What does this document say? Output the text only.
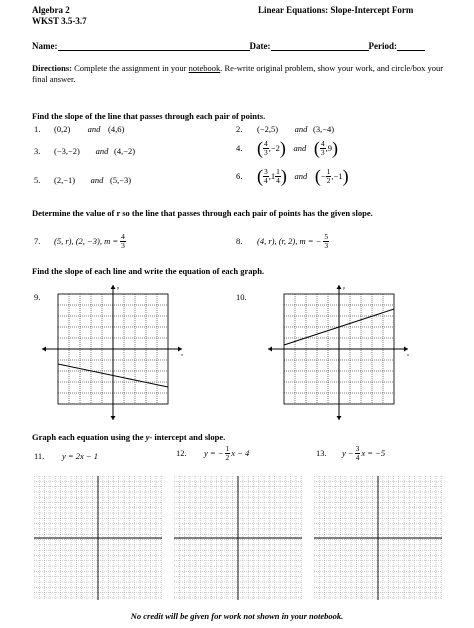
Algebra 2
WKST 3.5-3.7
Linear Equations: Slope-Intercept Form
Name:	Date:	Period:
Directions: Complete the assignment in your notebook. Re-write original problem, show your work, and circle/box your final answer.
Find the slope of the line that passes through each pair of points.
1.	(0,2)	and (4,6)	2.	(−2,5)	and (3,−4)
3.	(−3,−2)	and (4,−2)	4. ( $\frac{4}{3}$ , −2 ) and ( $\frac{4}{3}$ , 9 )
5.	(2,−1)	and (5,−3)	6. ( $\frac{3}{4}$ , $1 \frac{1}{4}$ ) and ( − $\frac{1}{2}$ , −1 )
Determine the value of r so the line that passes through each pair of points has the given slope.
7.	(5, r), (2, −3), $m = \frac{4}{3}$	8.	(4, r), (r, 2), m = − $\frac{5}{3}$
Find the slope of each line and write the equation of each graph.
9.	10.
y
x
y
x
Graph each equation using the y- intercept and slope.
11.	y = 2x − 1	12.	y = − $\frac{1}{2}$ x − 4	13.	$y - \frac{3}{4}$ x = −5
No credit will be given for work not shown in your notebook.
